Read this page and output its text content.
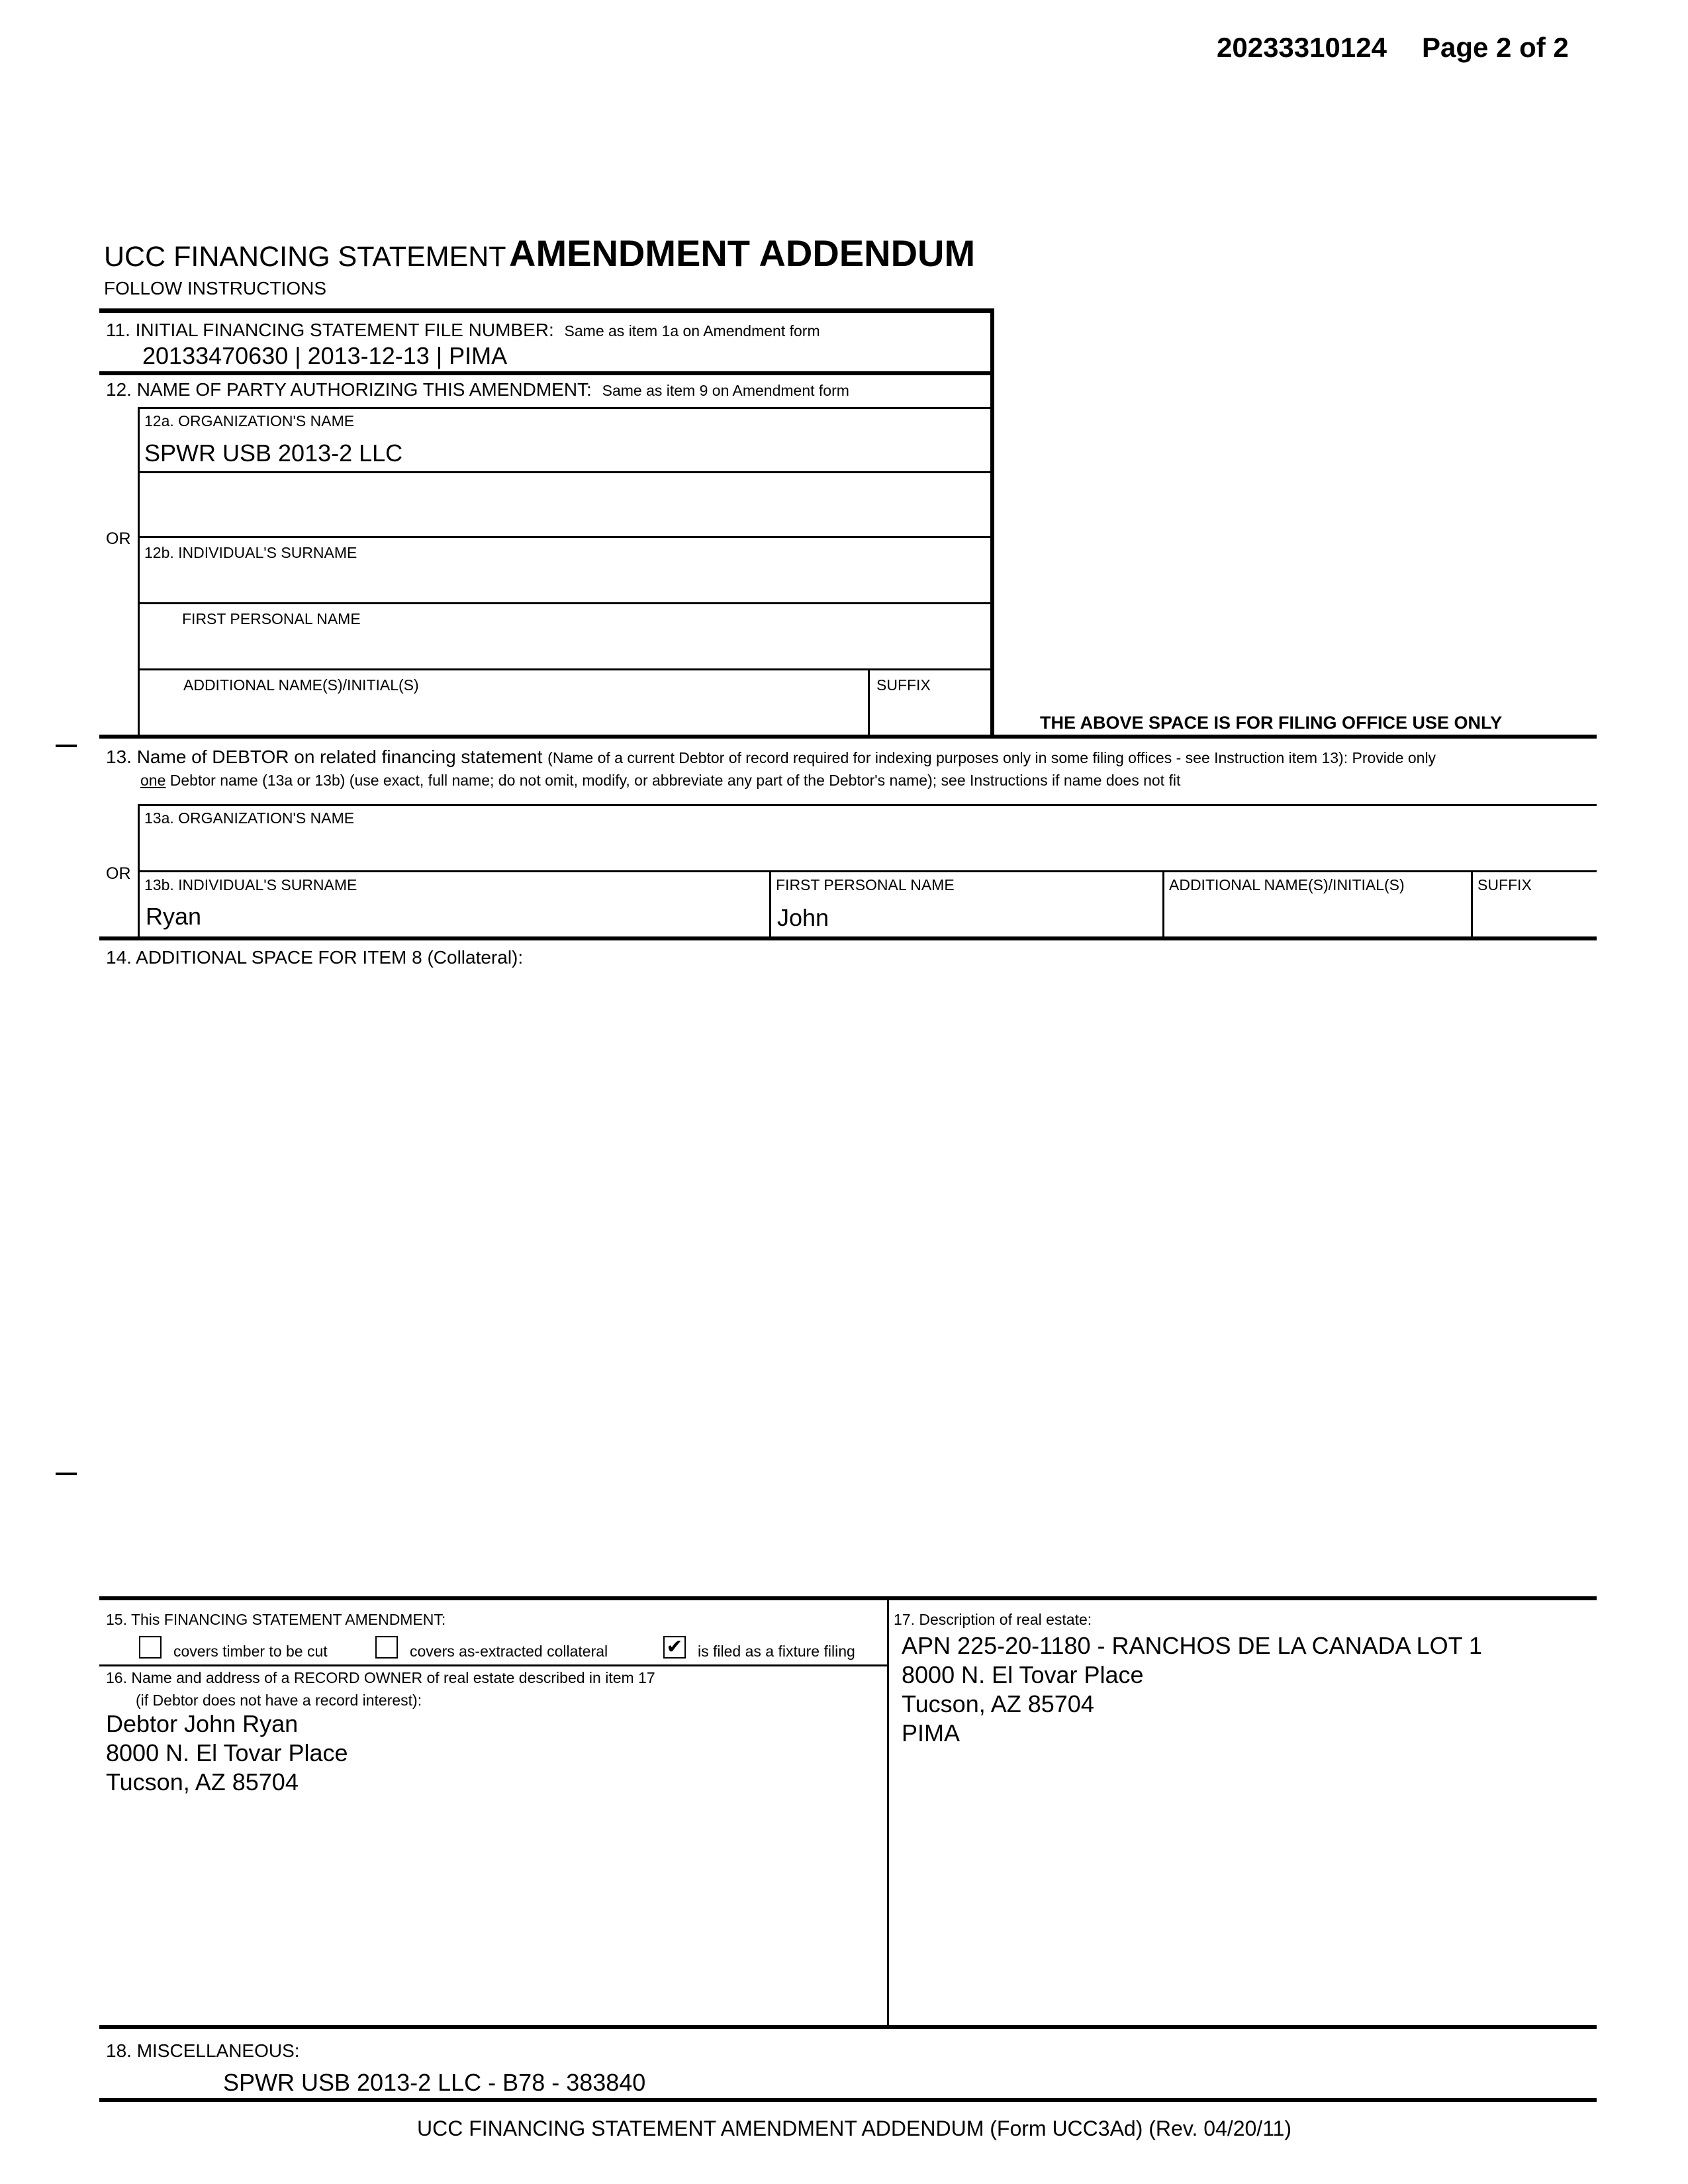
20233310124 Page 2 of 2
UCC FINANCING STATEMENT AMENDMENT ADDENDUM
FOLLOW INSTRUCTIONS
11. INITIAL FINANCING STATEMENT FILE NUMBER: Same as item 1a on Amendment form
20133470630 | 2013-12-13 | PIMA
12. NAME OF PARTY AUTHORIZING THIS AMENDMENT: Same as item 9 on Amendment form
12a. ORGANIZATION'S NAME
SPWR USB 2013-2 LLC
OR
12b. INDIVIDUAL'S SURNAME
FIRST PERSONAL NAME
ADDITIONAL NAME(S)/INITIAL(S)	SUFFIX
THE ABOVE SPACE IS FOR FILING OFFICE USE ONLY
13. Name of DEBTOR on related financing statement (Name of a current Debtor of record required for indexing purposes only in some filing offices - see Instruction item 13): Provide only
one Debtor name (13a or 13b) (use exact, full name; do not omit, modify, or abbreviate any part of the Debtor's name); see Instructions if name does not fit
13a. ORGANIZATION'S NAME
OR
13b. INDIVIDUAL'S SURNAME
Ryan
FIRST PERSONAL NAME
John
ADDITIONAL NAME(S)/INITIAL(S)	SUFFIX
14. ADDITIONAL SPACE FOR ITEM 8 (Collateral):
15. This FINANCING STATEMENT AMENDMENT:
covers timber to be cut	covers as-extracted collateral	✔ is filed as a fixture filing
16. Name and address of a RECORD OWNER of real estate described in item 17
(if Debtor does not have a record interest):
Debtor John Ryan
8000 N. El Tovar Place
Tucson, AZ 85704
17. Description of real estate:
APN 225-20-1180 - RANCHOS DE LA CANADA LOT 1
8000 N. El Tovar Place
Tucson, AZ 85704
PIMA
18. MISCELLANEOUS:
SPWR USB 2013-2 LLC - B78 - 383840
UCC FINANCING STATEMENT AMENDMENT ADDENDUM (Form UCC3Ad) (Rev. 04/20/11)
